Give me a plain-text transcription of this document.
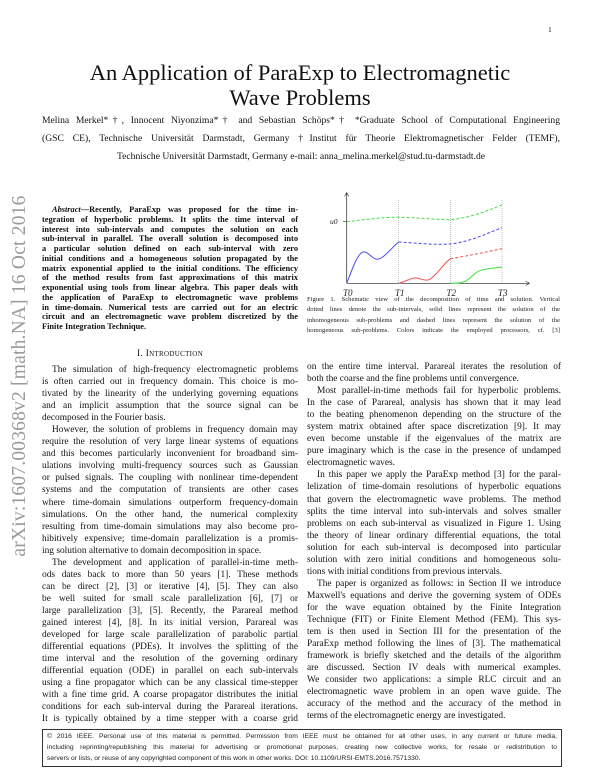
1
arXiv:1607.00368v2 [math.NA] 16 Oct 2016
An Application of ParaExp to Electromagnetic
Wave Problems
Melina Merkel*†, Innocent Niyonzima*† and Sebastian Schöps*† *Graduate School of Computational Engineering
(GSC CE), Technische Universität Darmstadt, Germany †Institut für Theorie Elektromagnetischer Felder (TEMF),
Technische Universität Darmstadt, Germany e-mail: anna_melina.merkel@stud.tu-darmstadt.de
Abstract—Recently, ParaExp was proposed for the time in-
tegration of hyperbolic problems. It splits the time interval of
interest into sub-intervals and computes the solution on each
sub-interval in parallel. The overall solution is decomposed into
a particular solution defined on each sub-interval with zero
initial conditions and a homogeneous solution propagated by the
matrix exponential applied to the initial conditions. The efficiency
of the method results from fast approximations of this matrix
exponential using tools from linear algebra. This paper deals with
the application of ParaExp to electromagnetic wave problems
in time-domain. Numerical tests are carried out for an electric
circuit and an electromagnetic wave problem discretized by the
Finite Integration Technique.
I. Introduction
The simulation of high-frequency electromagnetic problems
is often carried out in frequency domain. This choice is mo-
tivated by the linearity of the underlying governing equations
and an implicit assumption that the source signal can be
decomposed in the Fourier basis.
However, the solution of problems in frequency domain may
require the resolution of very large linear systems of equations
and this becomes particularly inconvenient for broadband sim-
ulations involving multi-frequency sources such as Gaussian
or pulsed signals. The coupling with nonlinear time-dependent
systems and the computation of transients are other cases
where time-domain simulations outperform frequency-domain
simulations. On the other hand, the numerical complexity
resulting from time-domain simulations may also become pro-
hibitively expensive; time-domain parallelization is a promis-
ing solution alternative to domain decomposition in space.
The development and application of parallel-in-time meth-
ods dates back to more than 50 years [1]. These methods
can be direct [2], [3] or iterative [4], [5]. They can also
be well suited for small scale parallelization [6], [7] or
large parallelization [3], [5]. Recently, the Parareal method
gained interest [4], [8]. In its initial version, Parareal was
developed for large scale parallelization of parabolic partial
differential equations (PDEs). It involves the splitting of the
time interval and the resolution of the governing ordinary
differential equation (ODE) in parallel on each sub-intervals
using a fine propagator which can be any classical time-stepper
with a fine time grid. A coarse propagator distributes the initial
conditions for each sub-interval during the Parareal iterations.
It is typically obtained by a time stepper with a coarse grid
on the entire time interval. Parareal iterates the resolution of
both the coarse and the fine problems until convergence.
Most parallel-in-time methods fail for hyperbolic problems.
In the case of Parareal, analysis has shown that it may lead
to the beating phenomenon depending on the structure of the
system matrix obtained after space discretization [9]. It may
even become unstable if the eigenvalues of the matrix are
pure imaginary which is the case in the presence of undamped
electromagnetic waves.
In this paper we apply the ParaExp method [3] for the paral-
lelization of time-domain resolutions of hyperbolic equations
that govern the electromagnetic wave problems. The method
splits the time interval into sub-intervals and solves smaller
problems on each sub-interval as visualized in Figure 1. Using
the theory of linear ordinary differential equations, the total
solution for each sub-interval is decomposed into particular
solution with zero initial conditions and homogeneous solu-
tions with initial conditions from previous intervals.
The paper is organized as follows: in Section II we introduce
Maxwell's equations and derive the governing system of ODEs
for the wave equation obtained by the Finite Integration
Technique (FIT) or Finite Element Method (FEM). This sys-
tem is then used in Section III for the presentation of the
ParaExp method following the lines of [3]. The mathematical
framework is briefly sketched and the details of the algorithm
are discussed. Section IV deals with numerical examples.
We consider two applications: a simple RLC circuit and an
electromagnetic wave problem in an open wave guide. The
accuracy of the method and the accuracy of the method in
terms of the electromagnetic energy are investigated.
u0
T0	T1	T2	T3
Figure 1. Schematic view of the decomposition of time and solution. Vertical
dotted lines denote the sub-intervals, solid lines represent the solution of the
inhomogeneous sub-problems and dashed lines represent the solution of the
homogeneous sub-problems. Colors indicate the employed processors, cf. [3]
© 2016 IEEE. Personal use of this material is permitted. Permission from IEEE must be obtained for all other uses, in any current or future media,
including reprinting/republishing this material for advertising or promotional purposes, creating new collective works, for resale or redistribution to
servers or lists, or reuse of any copyrighted component of this work in other works. DOI: 10.1109/URSI-EMTS.2016.7571330.
